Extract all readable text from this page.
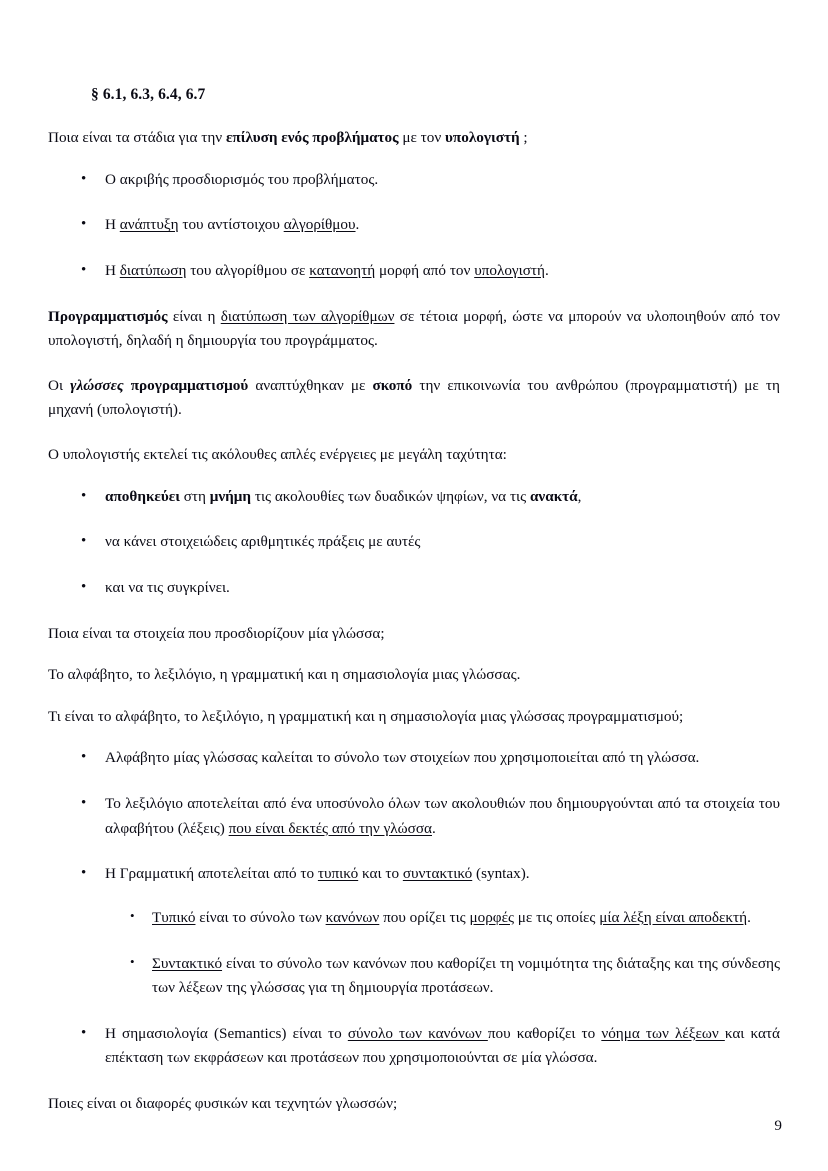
§ 6.1, 6.3, 6.4, 6.7

Ποια είναι τα στάδια για την επίλυση ενός προβλήματος με τον υπολογιστή ;

• Ο ακριβής προσδιορισμός του προβλήματος.
• Η ανάπτυξη του αντίστοιχου αλγορίθμου.
• Η διατύπωση του αλγορίθμου σε κατανοητή μορφή από τον υπολογιστή.

Προγραμματισμός είναι η διατύπωση των αλγορίθμων σε τέτοια μορφή, ώστε να μπορούν να υλοποιηθούν από τον υπολογιστή, δηλαδή η δημιουργία του προγράμματος.

Οι γλώσσες προγραμματισμού αναπτύχθηκαν με σκοπό την επικοινωνία του ανθρώπου (προγραμματιστή) με τη μηχανή (υπολογιστή).

Ο υπολογιστής εκτελεί τις ακόλουθες απλές ενέργειες με μεγάλη ταχύτητα:

• αποθηκεύει στη μνήμη τις ακολουθίες των δυαδικών ψηφίων, να τις ανακτά,
• να κάνει στοιχειώδεις αριθμητικές πράξεις με αυτές
• και να τις συγκρίνει.

Ποια είναι τα στοιχεία που προσδιορίζουν μία γλώσσα;

Το αλφάβητο, το λεξιλόγιο, η γραμματική και η σημασιολογία μιας γλώσσας.

Τι είναι το αλφάβητο, το λεξιλόγιο, η γραμματική και η σημασιολογία μιας γλώσσας προγραμματισμού;

• Αλφάβητο μίας γλώσσας καλείται το σύνολο των στοιχείων που χρησιμοποιείται από τη γλώσσα.
• Το λεξιλόγιο αποτελείται από ένα υποσύνολο όλων των ακολουθιών που δημιουργούνται από τα στοιχεία του αλφαβήτου (λέξεις) που είναι δεκτές από την γλώσσα.
• Η Γραμματική αποτελείται από το τυπικό και το συντακτικό (syntax).
• Τυπικό είναι το σύνολο των κανόνων που ορίζει τις μορφές με τις οποίες μία λέξη είναι αποδεκτή.
• Συντακτικό είναι το σύνολο των κανόνων που καθορίζει τη νομιμότητα της διάταξης και της σύνδεσης των λέξεων της γλώσσας για τη δημιουργία προτάσεων.
• Η σημασιολογία (Semantics) είναι το σύνολο των κανόνων που καθορίζει το νόημα των λέξεων και κατά επέκταση των εκφράσεων και προτάσεων που χρησιμοποιούνται σε μία γλώσσα.

Ποιες είναι οι διαφορές φυσικών και τεχνητών γλωσσών;

9
